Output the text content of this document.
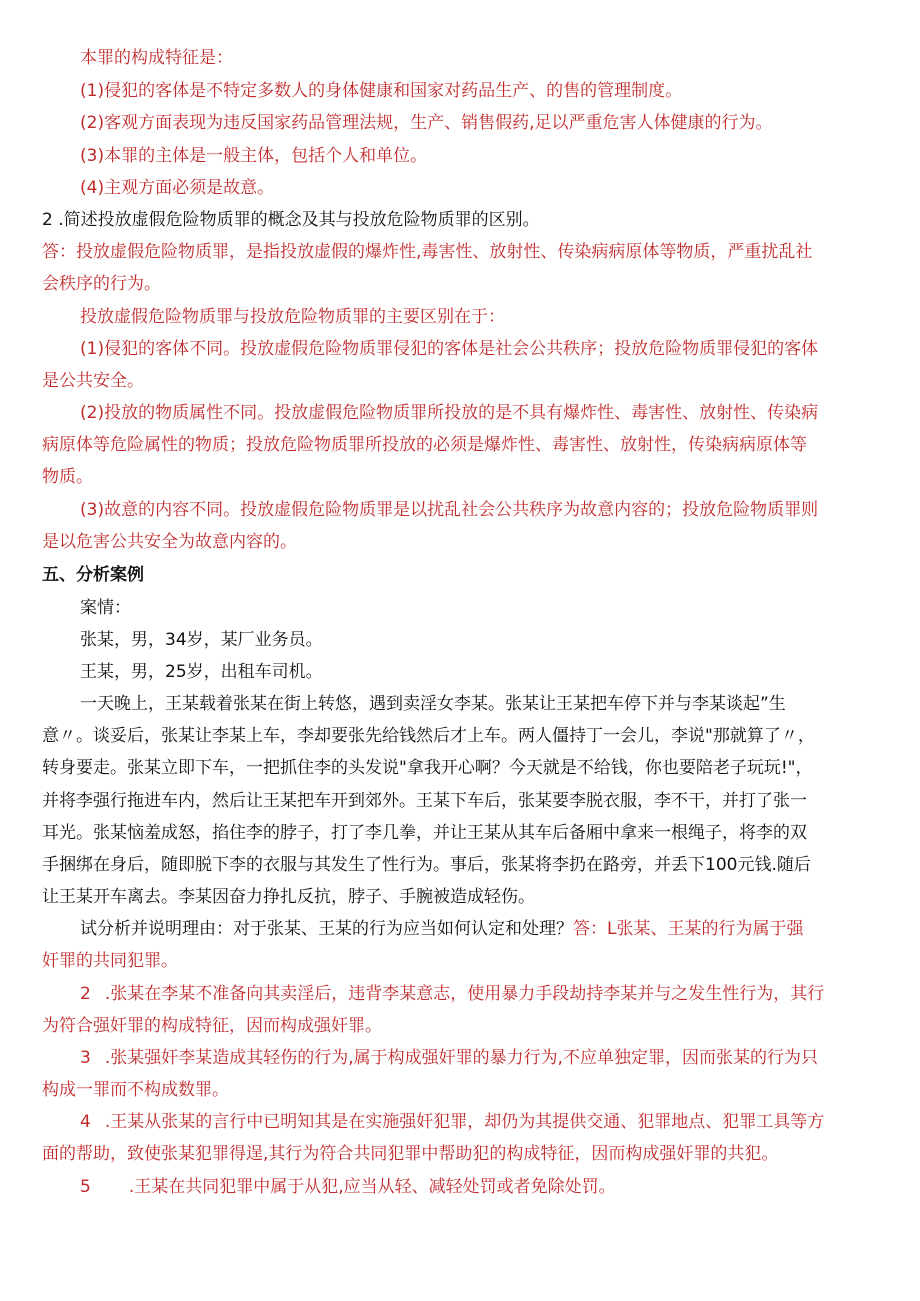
本罪的构成特征是：
(1)侵犯的客体是不特定多数人的身体健康和国家对药品生产、的售的管理制度。
(2)客观方面表现为违反国家药品管理法规，生产、销售假药,足以严重危害人体健康的行为。
(3)本罪的主体是一般主体，包括个人和单位。
(4)主观方面必须是故意。
2 .简述投放虚假危险物质罪的概念及其与投放危险物质罪的区别。
答：投放虚假危险物质罪，是指投放虚假的爆炸性,毒害性、放射性、传染病病原体等物质，严重扰乱社
会秩序的行为。
投放虚假危险物质罪与投放危险物质罪的主要区别在于：
(1)侵犯的客体不同。投放虚假危险物质罪侵犯的客体是社会公共秩序；投放危险物质罪侵犯的客体
是公共安全。
(2)投放的物质属性不同。投放虚假危险物质罪所投放的是不具有爆炸性、毒害性、放射性、传染病
病原体等危险属性的物质；投放危险物质罪所投放的必须是爆炸性、毒害性、放射性，传染病病原体等
物质。
(3)故意的内容不同。投放虚假危险物质罪是以扰乱社会公共秩序为故意内容的；投放危险物质罪则
是以危害公共安全为故意内容的。
五、分析案例
案情：
张某，男，34岁，某厂业务员。
王某，男，25岁，出租车司机。
一天晚上，王某载着张某在街上转悠，遇到卖淫女李某。张某让王某把车停下并与李某谈起”生
意〃。谈妥后，张某让李某上车，李却要张先给钱然后才上车。两人僵持丁一会儿，李说"那就算了〃，
转身要走。张某立即下车，一把抓住李的头发说"拿我开心啊？今天就是不给钱，你也要陪老子玩玩!"，
并将李强行拖进车内，然后让王某把车开到郊外。王某下车后，张某要李脱衣服，李不干，并打了张一
耳光。张某恼羞成怒，掐住李的脖子，打了李几拳，并让王某从其车后备厢中拿来一根绳子，将李的双
手捆绑在身后，随即脱下李的衣服与其发生了性行为。事后，张某将李扔在路旁，并丢下100元钱.随后
让王某开车离去。李某因奋力挣扎反抗，脖子、手腕被造成轻伤。
试分析并说明理由：对于张某、王某的行为应当如何认定和处理？答：L张某、王某的行为属于强
奸罪的共同犯罪。
2 .张某在李某不准备向其卖淫后，违背李某意志，使用暴力手段劫持李某并与之发生性行为，其行
为符合强奸罪的构成特征，因而构成强奸罪。
3 .张某强奸李某造成其轻伤的行为,属于构成强奸罪的暴力行为,不应单独定罪，因而张某的行为只
构成一罪而不构成数罪。
4 .王某从张某的言行中已明知其是在实施强奸犯罪，却仍为其提供交通、犯罪地点、犯罪工具等方
面的帮助，致使张某犯罪得逞,其行为符合共同犯罪中帮助犯的构成特征，因而构成强奸罪的共犯。
5 .王某在共同犯罪中属于从犯,应当从轻、减轻处罚或者免除处罚。
